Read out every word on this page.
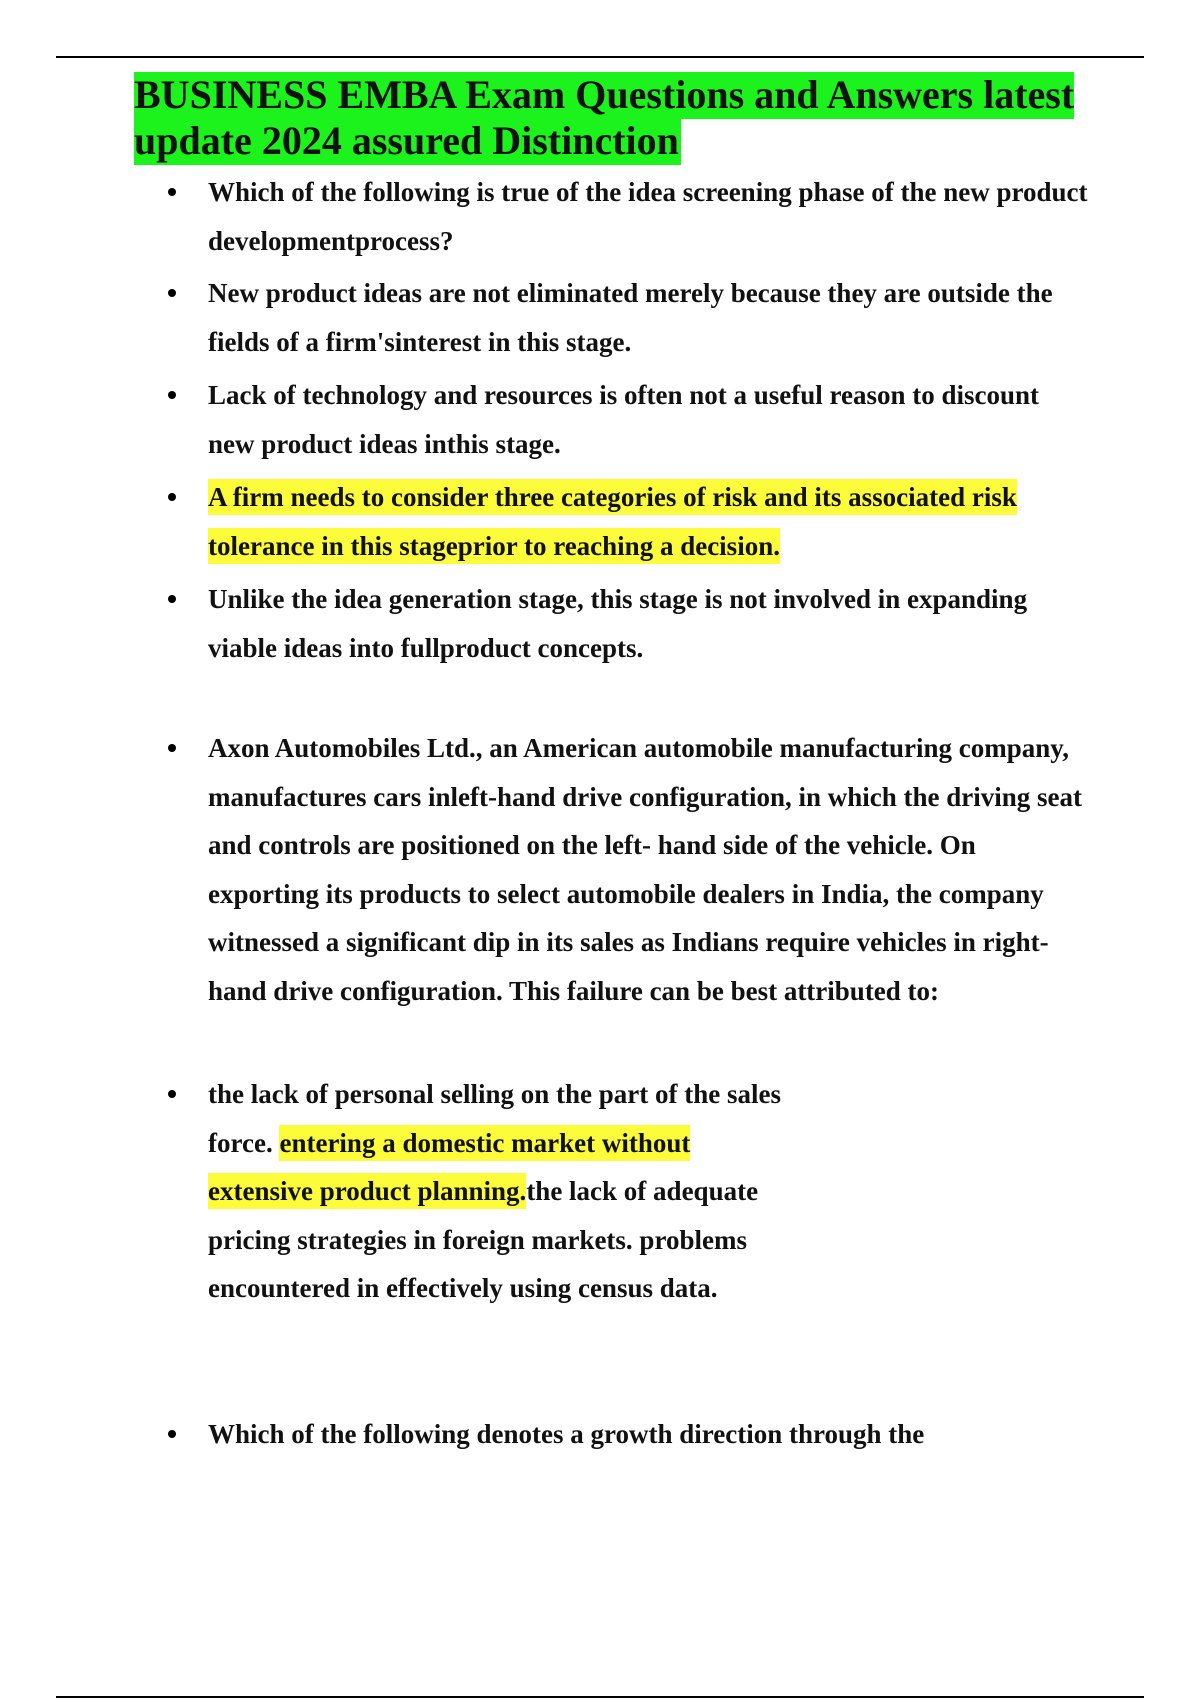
BUSINESS EMBA Exam Questions and Answers latest update 2024 assured Distinction
Which of the following is true of the idea screening phase of the new product developmentprocess?
New product ideas are not eliminated merely because they are outside the fields of a firm'sinterest in this stage.
Lack of technology and resources is often not a useful reason to discount new product ideas inthis stage.
A firm needs to consider three categories of risk and its associated risk tolerance in this stageprior to reaching a decision.
Unlike the idea generation stage, this stage is not involved in expanding viable ideas into fullproduct concepts.
Axon Automobiles Ltd., an American automobile manufacturing company, manufactures cars inleft-hand drive configuration, in which the driving seat and controls are positioned on the left- hand side of the vehicle. On exporting its products to select automobile dealers in India, the company witnessed a significant dip in its sales as Indians require vehicles in right-hand drive configuration. This failure can be best attributed to:
the lack of personal selling on the part of the sales force. entering a domestic market without extensive product planning.the lack of adequate pricing strategies in foreign markets. problems encountered in effectively using census data.
Which of the following denotes a growth direction through the
